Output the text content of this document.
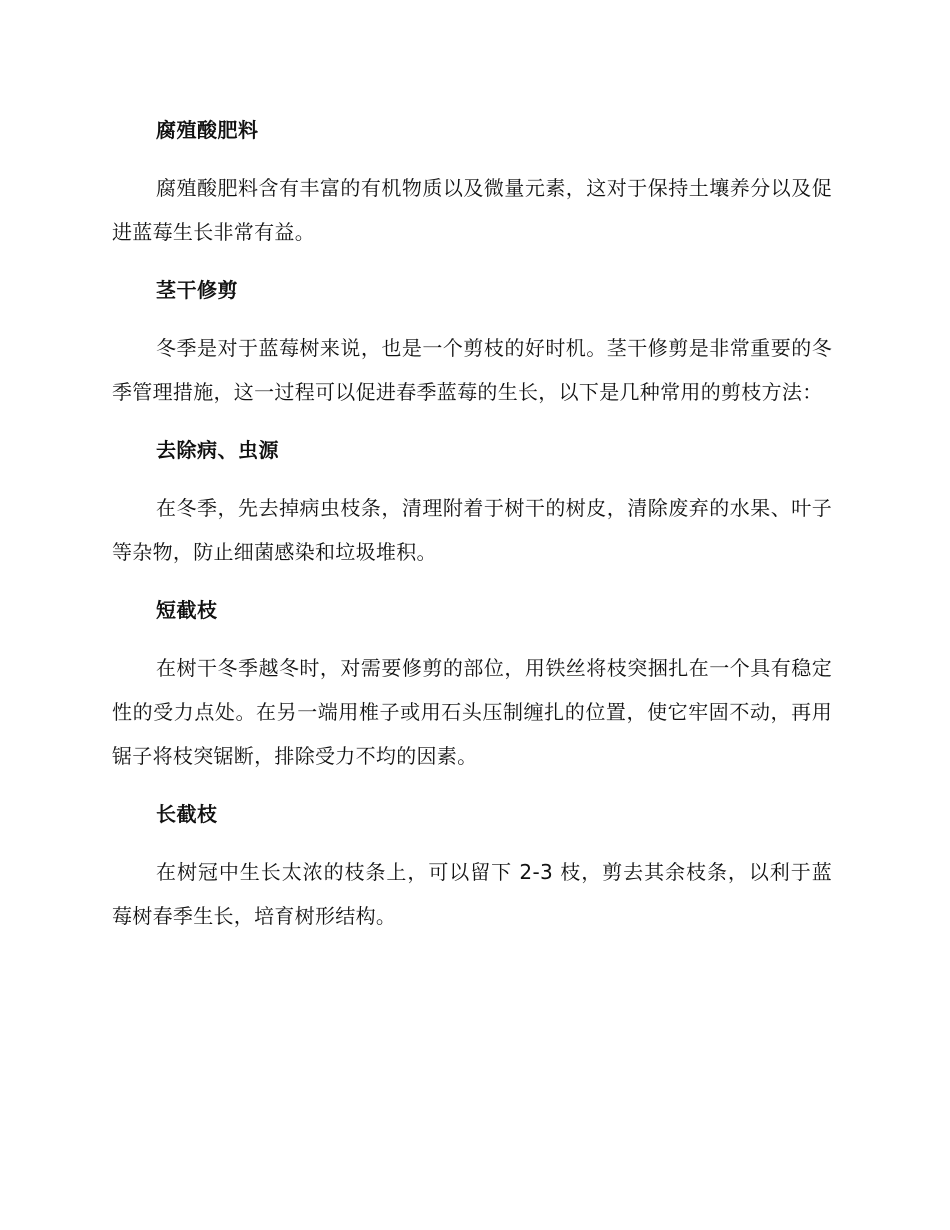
腐殖酸肥料

腐殖酸肥料含有丰富的有机物质以及微量元素，这对于保持土壤养分以及促进蓝莓生长非常有益。

茎干修剪

冬季是对于蓝莓树来说，也是一个剪枝的好时机。茎干修剪是非常重要的冬季管理措施，这一过程可以促进春季蓝莓的生长，以下是几种常用的剪枝方法：

去除病、虫源

在冬季，先去掉病虫枝条，清理附着于树干的树皮，清除废弃的水果、叶子等杂物，防止细菌感染和垃圾堆积。

短截枝

在树干冬季越冬时，对需要修剪的部位，用铁丝将枝突捆扎在一个具有稳定性的受力点处。在另一端用椎子或用石头压制缠扎的位置，使它牢固不动，再用锯子将枝突锯断，排除受力不均的因素。

长截枝

在树冠中生长太浓的枝条上，可以留下 2-3 枝，剪去其余枝条，以利于蓝莓树春季生长，培育树形结构。
